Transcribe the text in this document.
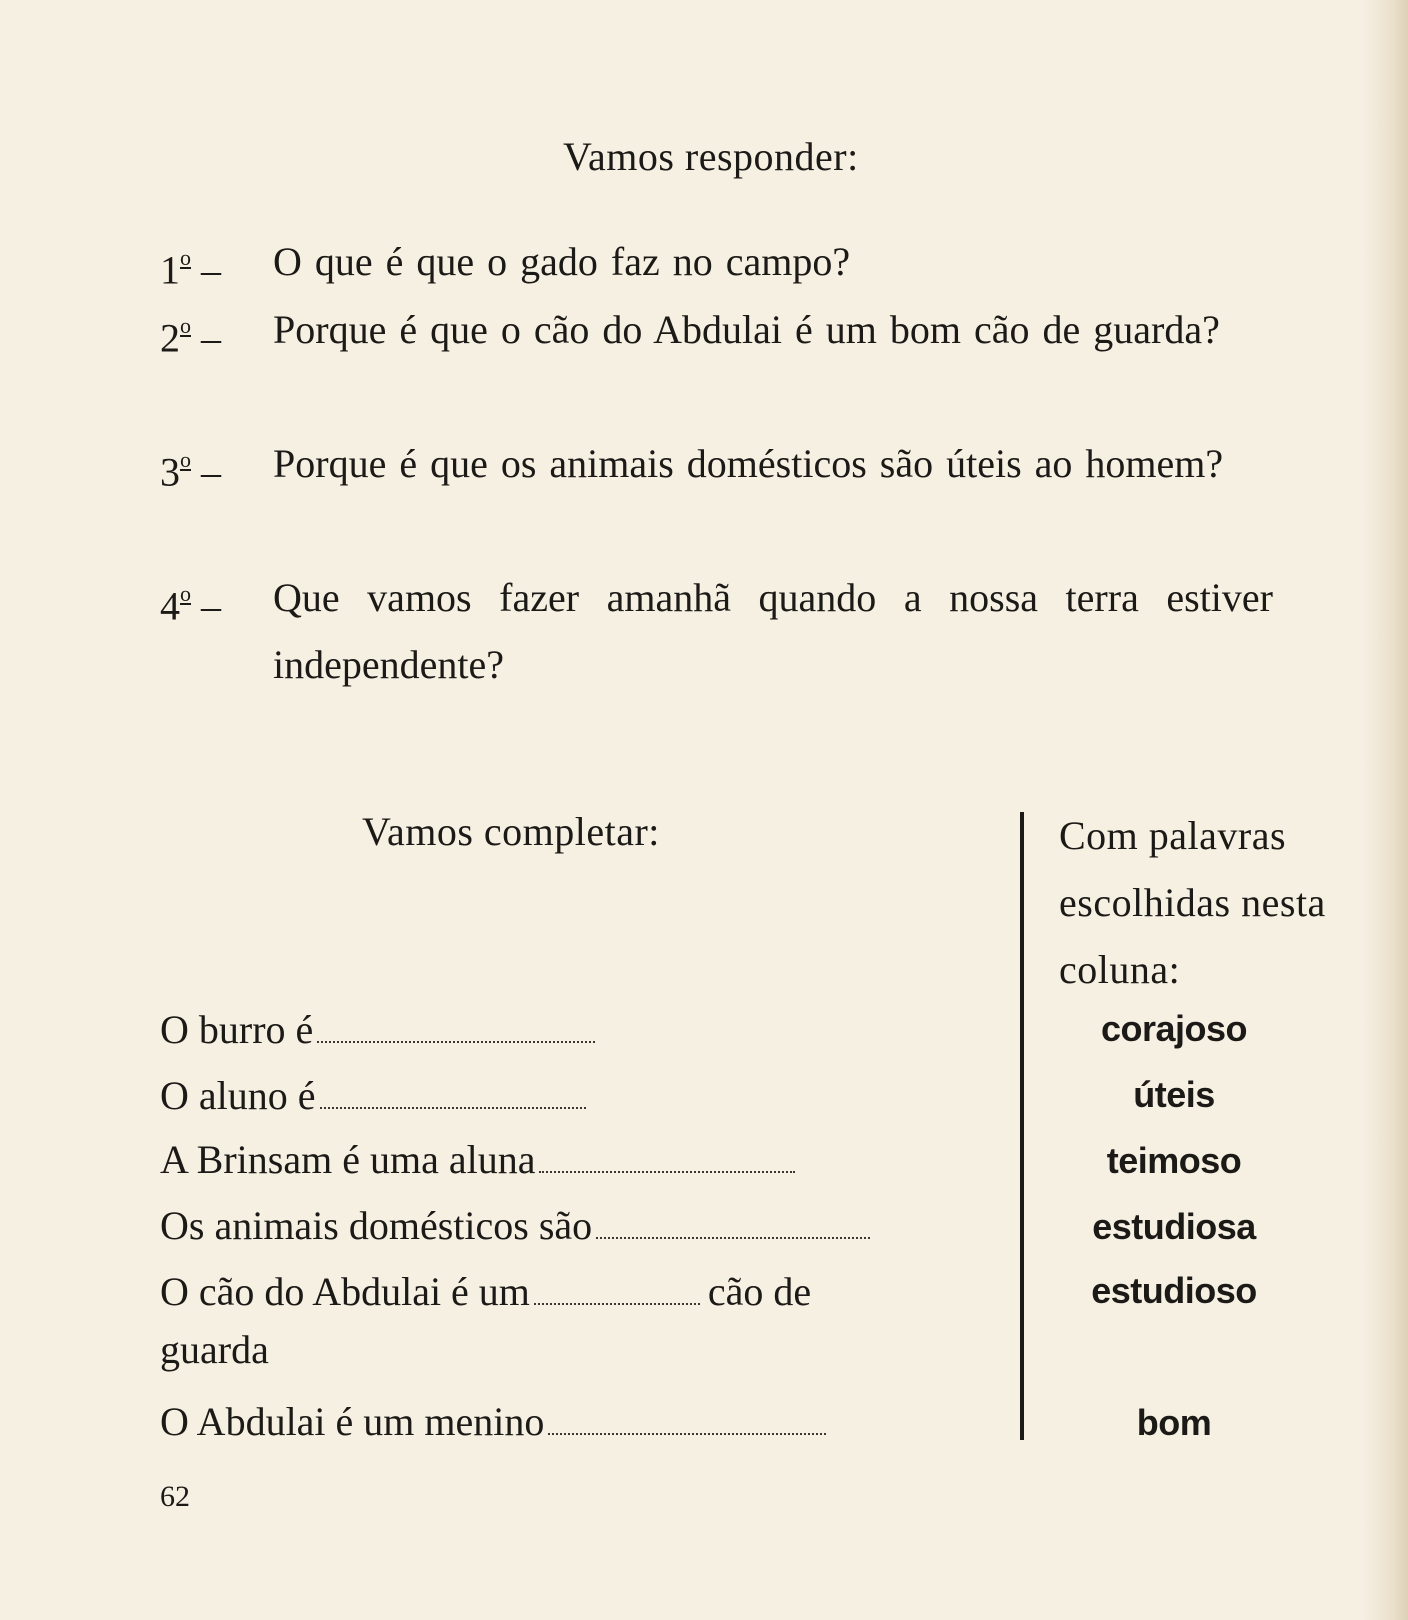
Vamos responder:
1$^o$ –	O que é que o gado faz no campo?
2$^o$ –	Porque é que o cão do Abdulai é um bom cão de guarda?
3$^o$ –	Porque é que os animais domésticos são úteis ao homem?
4$^o$ –	Que vamos fazer amanhã quando a nossa terra estiver independente?
Vamos completar:	Com palavras escolhidas nesta coluna:
O burro é
O aluno é
A Brinsam é uma aluna
Os animais domésticos são
O cão do Abdulai é um	cão de
guarda
O Abdulai é um menino
corajoso
úteis
teimoso
estudiosa
estudioso
bom
62
